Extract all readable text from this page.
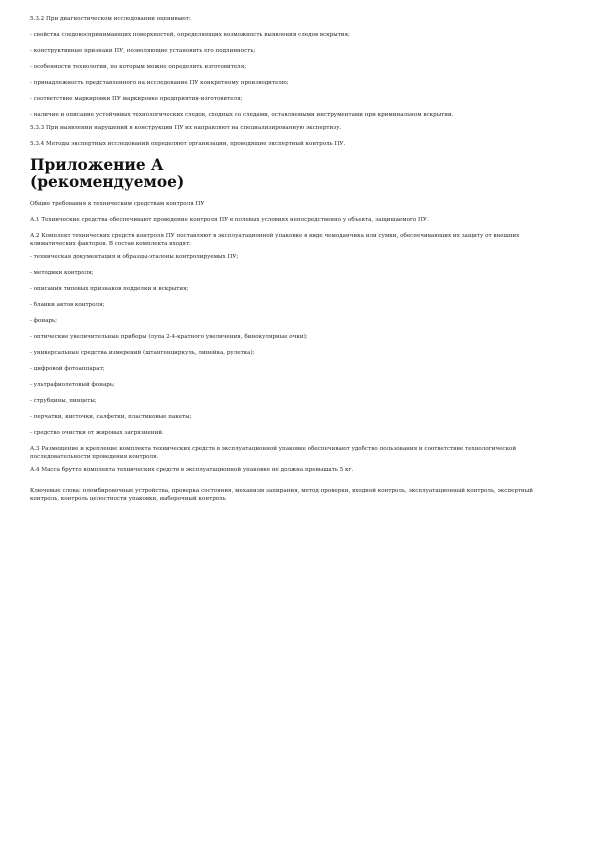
5.3.2 При диагностическом исследовании оценивают:

- свойства следовоспринимающих поверхностей, определяющих возможность выявления следов вскрытия;

- конструктивные признаки ПУ, позволяющие установить его подлинность;

- особенности технологии, по которым можно определить изготовителя;

- принадлежность представленного на исследование ПУ конкретному производителю;

- соответствие маркировки ПУ маркировке предприятия-изготовителя;

- наличие и описание устойчивых технологических следов, сходных со следами, оставляемыми инструментами при криминальном вскрытии.

5.3.3 При выявлении нарушений в конструкции ПУ их направляют на специализированную экспертизу.

5.3.4 Методы экспертных исследований определяют организации, проводящие экспертный контроль ПУ.

Приложение А
(рекомендуемое)

Общие требования к техническим средствам контроля ПУ

А.1 Технические средства обеспечивают проведение контроля ПУ в полевых условиях непосредственно у объекта, защищаемого ПУ.

А.2 Комплект технических средств контроля ПУ поставляют в эксплуатационной упаковке в виде чемоданчика или сумки, обеспечивающих их защиту от внешних климатических факторов. В состав комплекта входят:

- техническая документация и образцы-эталоны контролируемых ПУ;

- методики контроля;

- описания типовых признаков подделки и вскрытия;

- бланки актов контроля;

- фонарь;

- оптические увеличительные приборы (лупа 2-4-кратного увеличения, бинокулярные очки);

- универсальные средства измерений (штангенциркуль, линейка, рулетка);

- цифровой фотоаппарат;

- ультрафиолетовый фонарь;

- струбцины, пинцеты;

- перчатки, кисточки, салфетки, пластиковые пакеты;

- средство очистки от жировых загрязнений.

А.3 Размещение и крепление комплекта технических средств в эксплуатационной упаковке обеспечивают удобство пользования и соответствие технологической последовательности проведения контроля.

А.4 Масса брутто комплекта технических средств в эксплуатационной упаковке не должна превышать 5 кг.

Ключевые слова: пломбировочные устройства, проверка состояния, механизм запирания, метод проверки, входной контроль, эксплуатационный контроль, экспертный контроль, контроль целостности упаковки, выборочный контроль
